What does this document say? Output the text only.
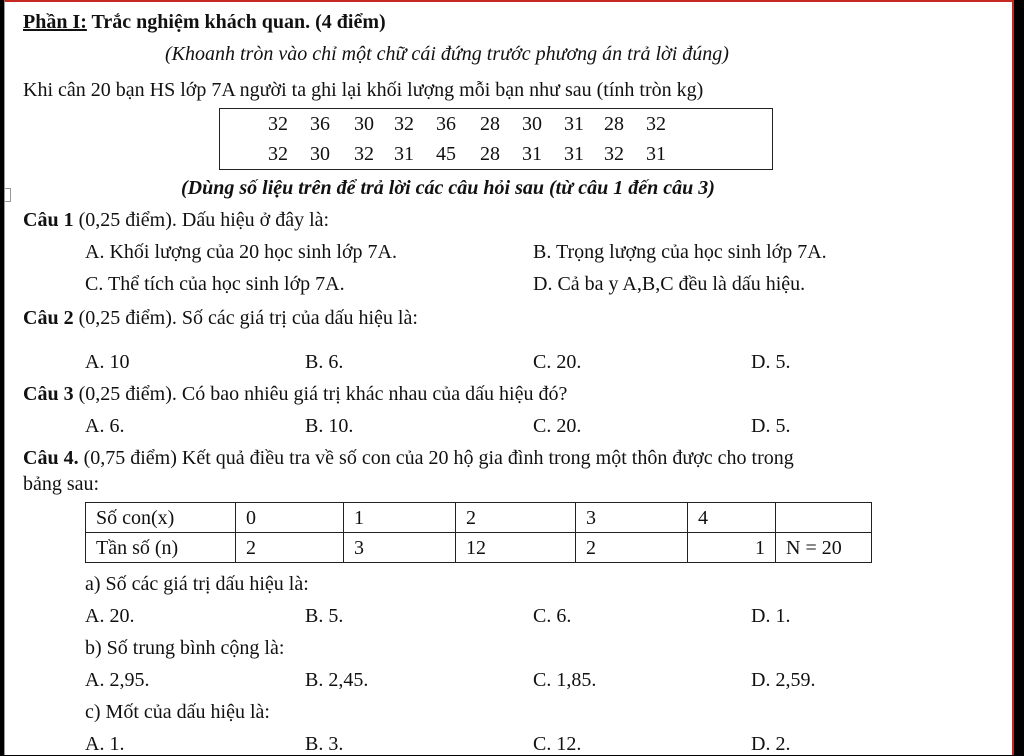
Phần I: Trắc nghiệm khách quan. (4 điểm)
(Khoanh tròn vào chỉ một chữ cái đứng trước phương án trả lời đúng)
Khi cân 20 bạn HS lớp 7A người ta ghi lại khối lượng mỗi bạn như sau (tính tròn kg)
32 36 30 32 36 28 30 31 28 32
32 30 32 31 45 28 31 31 32 31
(Dùng số liệu trên để trả lời các câu hỏi sau (từ câu 1 đến câu 3)
Câu 1 (0,25 điểm). Dấu hiệu ở đây là:
A. Khối lượng của 20 học sinh lớp 7A.	B. Trọng lượng của học sinh lớp 7A.
C. Thể tích của học sinh lớp 7A.	D. Cả ba y A,B,C đều là dấu hiệu.
Câu 2 (0,25 điểm). Số các giá trị của dấu hiệu là:
A. 10	B. 6.	C. 20.	D. 5.
Câu 3 (0,25 điểm). Có bao nhiêu giá trị khác nhau của dấu hiệu đó?
A. 6.	B. 10.	C. 20.	D. 5.
Câu 4. (0,75 điểm) Kết quả điều tra về số con của 20 hộ gia đình trong một thôn được cho trong
bảng sau:
Số con(x)	0	1	2	3	4	
Tần số (n)	2	3	12	2	1	N = 20
a) Số các giá trị dấu hiệu là:
A. 20.	B. 5.	C. 6.	D. 1.
b) Số trung bình cộng là:
A. 2,95.	B. 2,45.	C. 1,85.	D. 2,59.
c) Mốt của dấu hiệu là:
A. 1.	B. 3.	C. 12.	D. 2.
